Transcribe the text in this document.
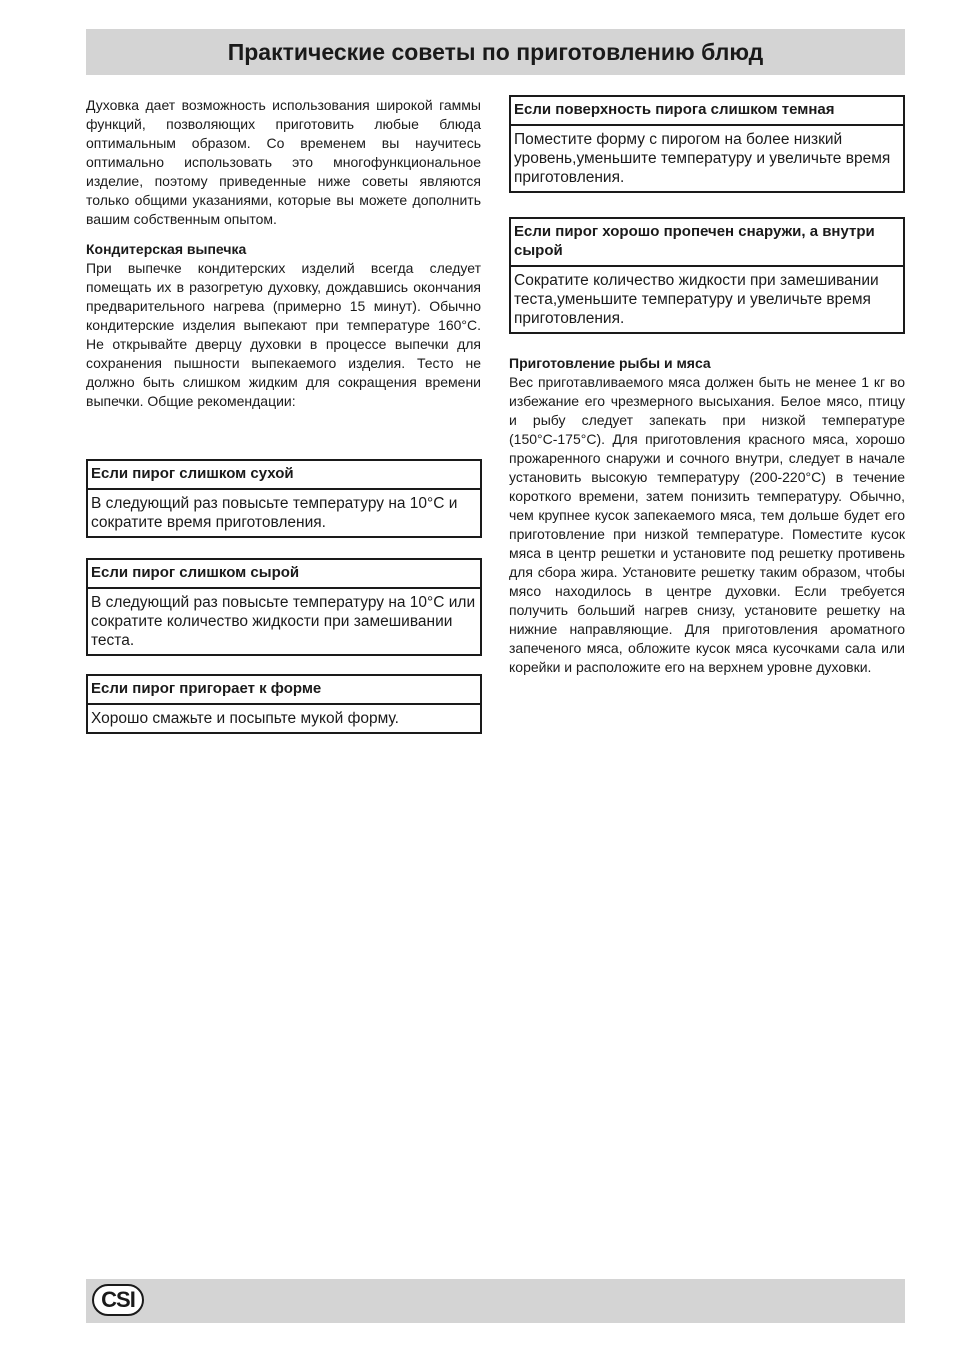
Практические советы по приготовлению блюд

Духовка дает возможность использования широкой гаммы функций, позволяющих приготовить любые блюда оптимальным образом. Со временем вы научитесь оптимально использовать это многофункциональное изделие, поэтому приведенные ниже советы являются только общими указаниями, которые вы можете дополнить вашим собственным опытом.

Кондитерская выпечка

При выпечке кондитерских изделий всегда следует помещать их в разогретую духовку, дождавшись окончания предварительного нагрева (примерно 15 минут). Обычно кондитерские изделия выпекают при температуре 160°С. Не открывайте дверцу духовки в процессе выпечки для сохранения пышности выпекаемого изделия. Тесто не должно быть слишком жидким для сокращения времени выпечки. Общие рекомендации:

Если пирог слишком сухой
В следующий раз повысьте температуру на 10°С и сократите время приготовления.
Если пирог слишком сырой
В следующий раз повысьте температуру на 10°С или сократите количество жидкости при замешивании теста.
Если пирог пригорает к форме
Хорошо смажьте и посыпьте мукой форму.
Если поверхность пирога слишком темная
Поместите форму с пирогом на более низкий уровень,уменьшите температуру и увеличьте время приготовления.
Если пирог хорошо пропечен снаружи, а внутри сырой
Сократите количество жидкости при замешивании теста,уменьшите температуру и увеличьте время приготовления.
Приготовление рыбы и мяса

Вес приготавливаемого мяса должен быть не менее 1 кг во избежание его чрезмерного высыхания. Белое мясо, птицу и рыбу следует запекать при низкой температуре (150°С-175°С). Для приготовления красного мяса, хорошо прожаренного снаружи и сочного внутри, следует в начале установить высокую температуру (200-220°С) в течение короткого времени, затем понизить температуру. Обычно, чем крупнее кусок запекаемого мяса, тем дольше будет его приготовление при низкой температуре. Поместите кусок мяса в центр решетки и установите под решетку противень для сбора жира. Установите решетку таким образом, чтобы мясо находилось в центре духовки. Если требуется получить больший нагрев снизу, установите решетку на нижние направляющие. Для приготовления ароматного запеченого мяса, обложите кусок мяса кусочками сала или корейки и расположите его на верхнем уровне духовки.

CSI
